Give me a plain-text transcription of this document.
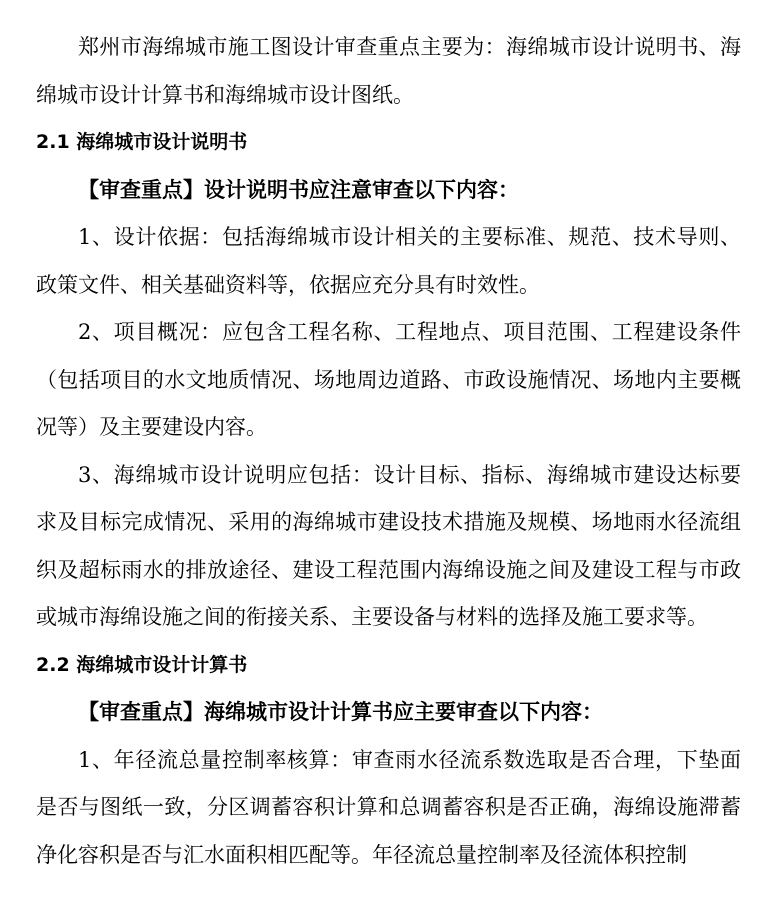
郑州市海绵城市施工图设计审查重点主要为：海绵城市设计说明书、海绵城市设计计算书和海绵城市设计图纸。

2.1 海绵城市设计说明书

【审查重点】设计说明书应注意审查以下内容：

1、设计依据：包括海绵城市设计相关的主要标准、规范、技术导则、政策文件、相关基础资料等，依据应充分具有时效性。

2、项目概况：应包含工程名称、工程地点、项目范围、工程建设条件（包括项目的水文地质情况、场地周边道路、市政设施情况、场地内主要概况等）及主要建设内容。

3、海绵城市设计说明应包括：设计目标、指标、海绵城市建设达标要求及目标完成情况、采用的海绵城市建设技术措施及规模、场地雨水径流组织及超标雨水的排放途径、建设工程范围内海绵设施之间及建设工程与市政或城市海绵设施之间的衔接关系、主要设备与材料的选择及施工要求等。

2.2 海绵城市设计计算书

【审查重点】海绵城市设计计算书应主要审查以下内容：

1、年径流总量控制率核算：审查雨水径流系数选取是否合理，下垫面是否与图纸一致，分区调蓄容积计算和总调蓄容积是否正确，海绵设施滞蓄净化容积是否与汇水面积相匹配等。年径流总量控制率及径流体积控制
